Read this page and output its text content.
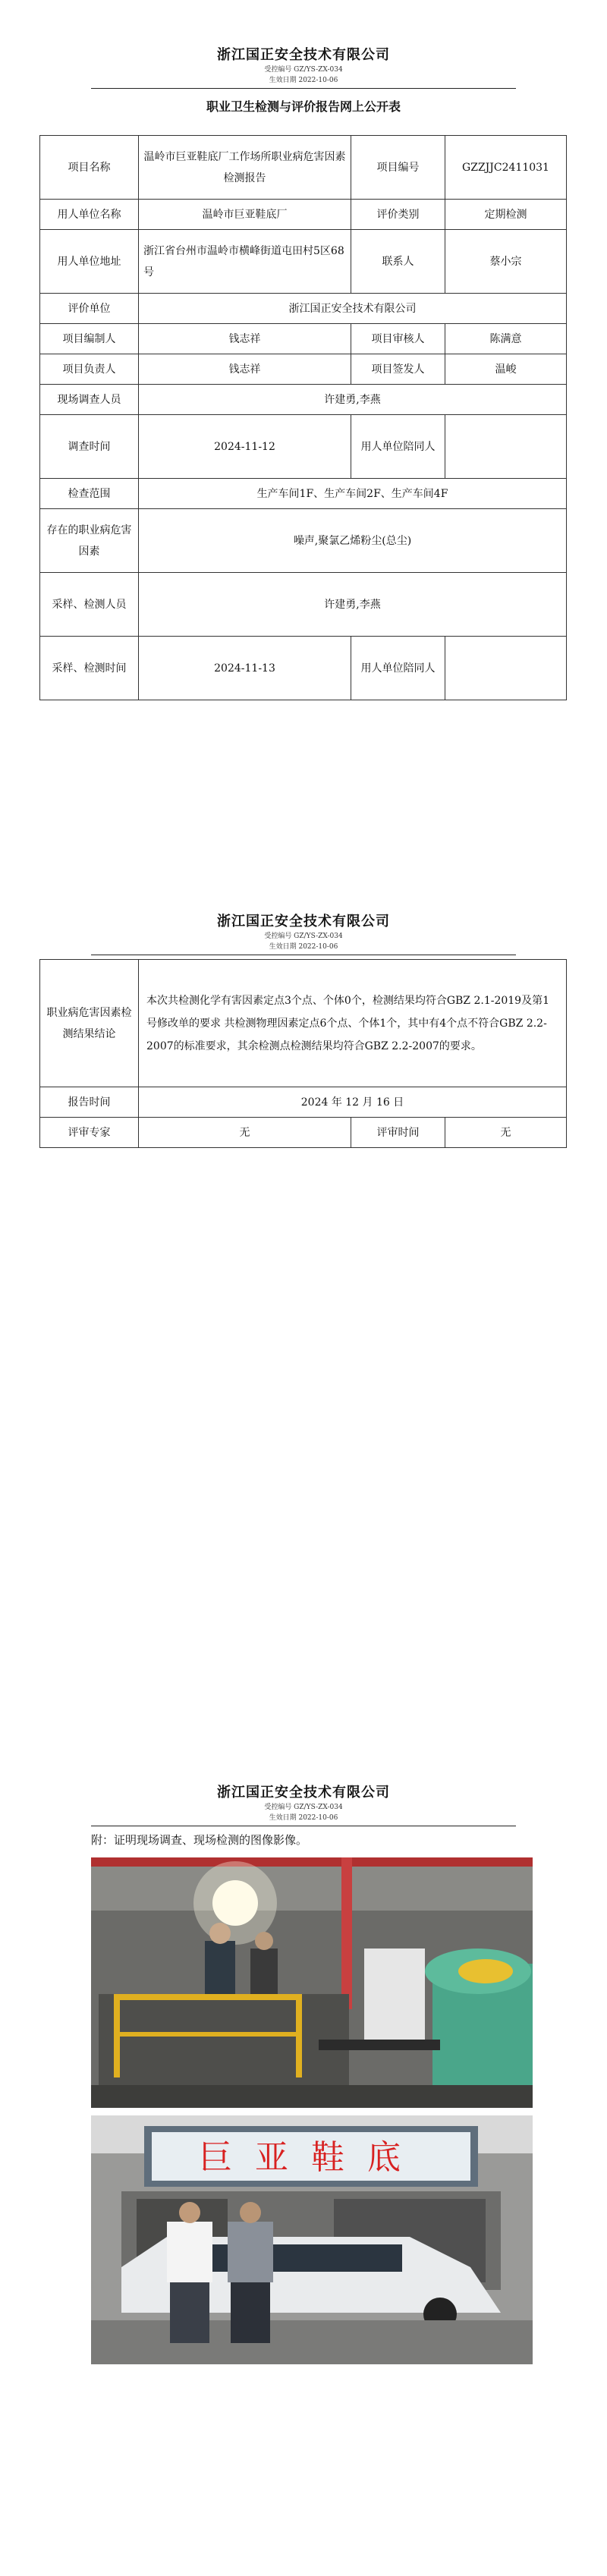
浙江国正安全技术有限公司
受控编号 GZ/YS-ZX-034
生效日期 2022-10-06
职业卫生检测与评价报告网上公开表
项目名称	温岭市巨亚鞋底厂工作场所职业病危害因素检测报告	项目编号	GZZJJC2411031
用人单位名称	温岭市巨亚鞋底厂	评价类别	定期检测
用人单位地址	浙江省台州市温岭市横峰街道屯田村5区68号	联系人	蔡小宗
评价单位	浙江国正安全技术有限公司		
项目编制人	钱志祥	项目审核人	陈满意
项目负责人	钱志祥	项目签发人	温峻
现场调查人员	许建勇,李燕		
调查时间	2024-11-12	用人单位陪同人	
检查范围	生产车间1F、生产车间2F、生产车间4F		
存在的职业病危害因素	噪声,聚氯乙烯粉尘(总尘)		
采样、检测人员	许建勇,李燕		
采样、检测时间	2024-11-13	用人单位陪同人	
浙江国正安全技术有限公司
受控编号 GZ/YS-ZX-034
生效日期 2022-10-06
职业病危害因素检测结果结论	本次共检测化学有害因素定点3个点、个体0个，检测结果均符合GBZ 2.1-2019及第1号修改单的要求 共检测物理因素定点6个点、个体1个，其中有4个点不符合GBZ 2.2-2007的标准要求，其余检测点检测结果均符合GBZ 2.2-2007的要求。		
报告时间	2024 年 12 月 16 日		
评审专家	无	评审时间	无
浙江国正安全技术有限公司
受控编号 GZ/YS-ZX-034
生效日期 2022-10-06
附：证明现场调查、现场检测的图像影像。
巨亚鞋底
